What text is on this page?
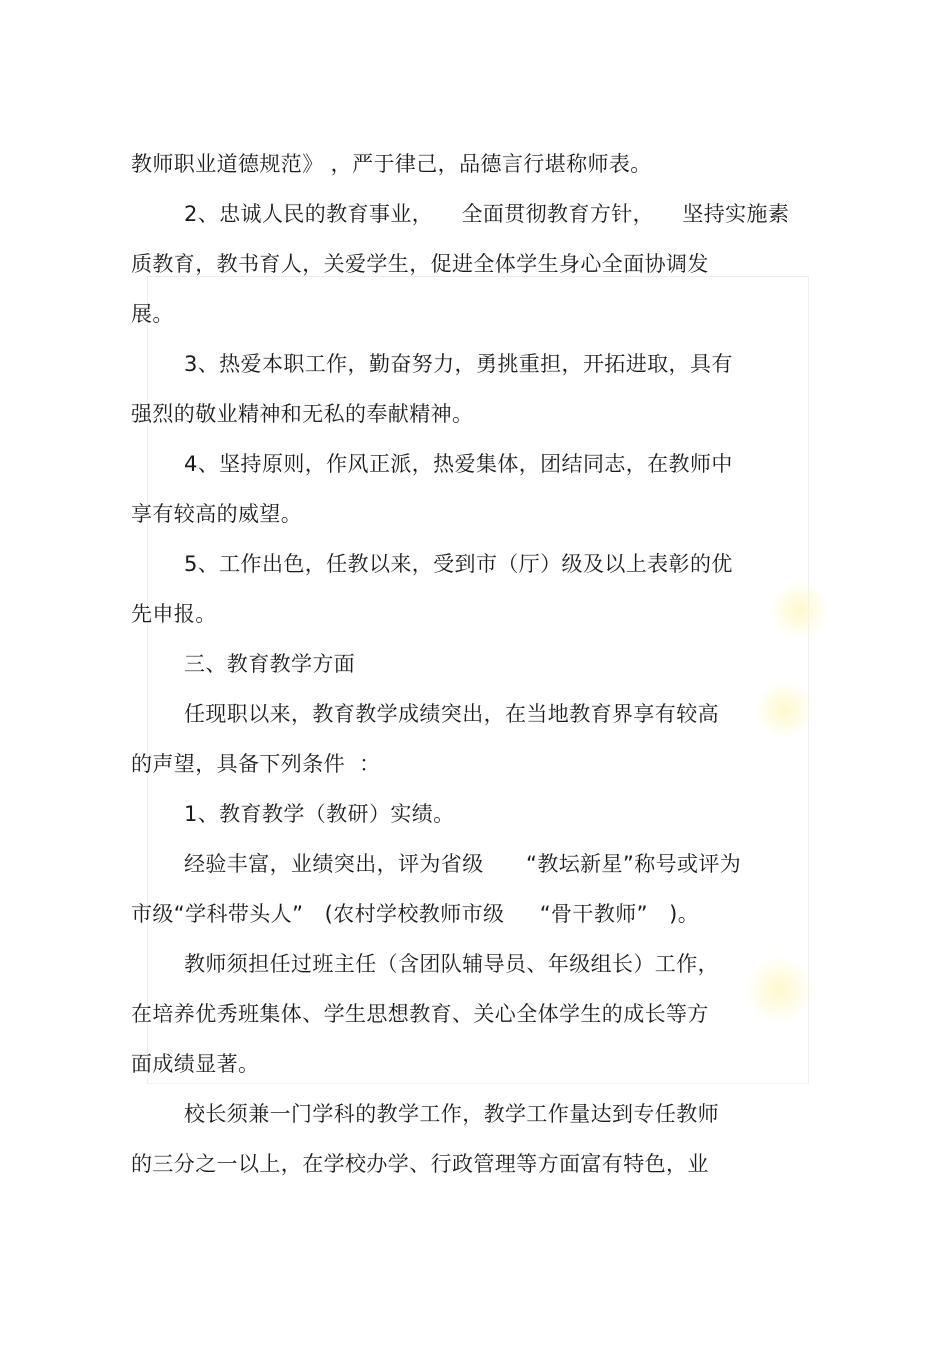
教师职业道德规范》 ，严于律己，品德言行堪称师表。
2、忠诚人民的教育事业，    全面贯彻教育方针，    坚持实施素
质教育，教书育人，关爱学生，促进全体学生身心全面协调发
展。
3、热爱本职工作，勤奋努力，勇挑重担，开拓进取，具有
强烈的敬业精神和无私的奉献精神。
4、坚持原则，作风正派，热爱集体，团结同志，在教师中
享有较高的威望。
5、工作出色，任教以来，受到市（厅）级及以上表彰的优
先申报。
三、教育教学方面
任现职以来，教育教学成绩突出，在当地教育界享有较高
的声望，具备下列条件  ：
1、教育教学（教研）实绩。
经验丰富，业绩突出，评为省级      “教坛新星”称号或评为
市级“学科带头人”   (农村学校教师市级     “骨干教师”   )。
教师须担任过班主任（含团队辅导员、年级组长）工作，
在培养优秀班集体、学生思想教育、关心全体学生的成长等方
面成绩显著。
校长须兼一门学科的教学工作，教学工作量达到专任教师
的三分之一以上，在学校办学、行政管理等方面富有特色，业
